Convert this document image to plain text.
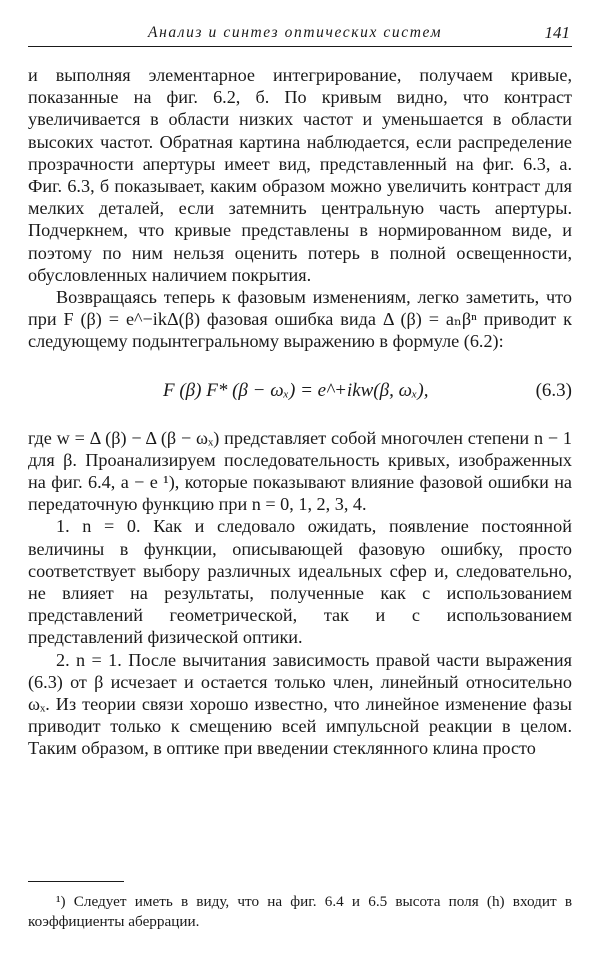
Анализ и синтез оптических систем	141

и выполняя элементарное интегрирование, получаем кривые, показанные на фиг. 6.2, б. По кривым видно, что контраст увеличивается в области низких частот и уменьшается в области высоких частот. Обратная картина наблюдается, если распределение прозрачности апертуры имеет вид, представленный на фиг. 6.3, а. Фиг. 6.3, б показывает, каким образом можно увеличить контраст для мелких деталей, если затемнить центральную часть апертуры. Подчеркнем, что кривые представлены в нормированном виде, и поэтому по ним нельзя оценить потерь в полной освещенности, обусловленных наличием покрытия.

Возвращаясь теперь к фазовым изменениям, легко заметить, что при F (β) = e^−ikΔ(β) фазовая ошибка вида Δ (β) = aₙβⁿ приводит к следующему подынтегральному выражению в формуле (6.2):

F (β) F* (β − ωₓ) = e^+ikw(β, ωₓ),	(6.3)

где w = Δ (β) − Δ (β − ωₓ) представляет собой многочлен степени n − 1 для β. Проанализируем последовательность кривых, изображенных на фиг. 6.4, а − е ¹), которые показывают влияние фазовой ошибки на передаточную функцию при n = 0, 1, 2, 3, 4.

1. n = 0. Как и следовало ожидать, появление постоянной величины в функции, описывающей фазовую ошибку, просто соответствует выбору различных идеальных сфер и, следовательно, не влияет на результаты, полученные как с использованием представлений геометрической, так и с использованием представлений физической оптики.

2. n = 1. После вычитания зависимость правой части выражения (6.3) от β исчезает и остается только член, линейный относительно ωₓ. Из теории связи хорошо известно, что линейное изменение фазы приводит только к смещению всей импульсной реакции в целом. Таким образом, в оптике при введении стеклянного клина просто

¹) Следует иметь в виду, что на фиг. 6.4 и 6.5 высота поля (h) входит в коэффициенты аберрации.
